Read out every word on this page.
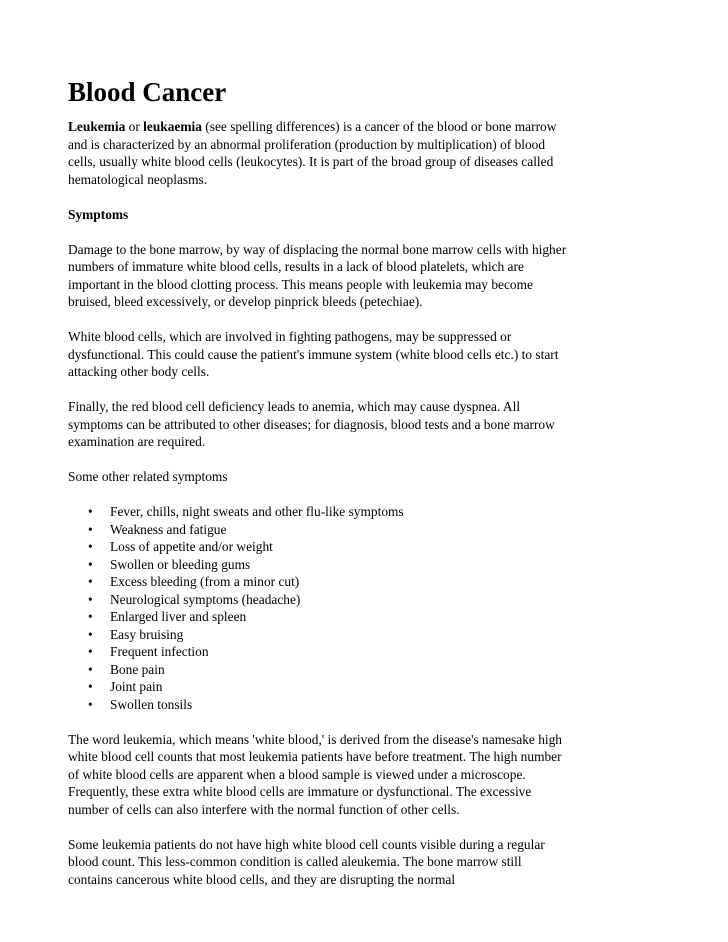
Blood Cancer

Leukemia or leukaemia (see spelling differences) is a cancer of the blood or bone marrow and is characterized by an abnormal proliferation (production by multiplication) of blood cells, usually white blood cells (leukocytes). It is part of the broad group of diseases called hematological neoplasms.

Symptoms

Damage to the bone marrow, by way of displacing the normal bone marrow cells with higher numbers of immature white blood cells, results in a lack of blood platelets, which are important in the blood clotting process. This means people with leukemia may become bruised, bleed excessively, or develop pinprick bleeds (petechiae).

White blood cells, which are involved in fighting pathogens, may be suppressed or dysfunctional. This could cause the patient's immune system (white blood cells etc.) to start attacking other body cells.

Finally, the red blood cell deficiency leads to anemia, which may cause dyspnea. All symptoms can be attributed to other diseases; for diagnosis, blood tests and a bone marrow examination are required.

Some other related symptoms

• Fever, chills, night sweats and other flu-like symptoms
• Weakness and fatigue
• Loss of appetite and/or weight
• Swollen or bleeding gums
• Excess bleeding (from a minor cut)
• Neurological symptoms (headache)
• Enlarged liver and spleen
• Easy bruising
• Frequent infection
• Bone pain
• Joint pain
• Swollen tonsils

The word leukemia, which means 'white blood,' is derived from the disease's namesake high white blood cell counts that most leukemia patients have before treatment. The high number of white blood cells are apparent when a blood sample is viewed under a microscope. Frequently, these extra white blood cells are immature or dysfunctional. The excessive number of cells can also interfere with the normal function of other cells.

Some leukemia patients do not have high white blood cell counts visible during a regular blood count. This less-common condition is called aleukemia. The bone marrow still contains cancerous white blood cells, and they are disrupting the normal
